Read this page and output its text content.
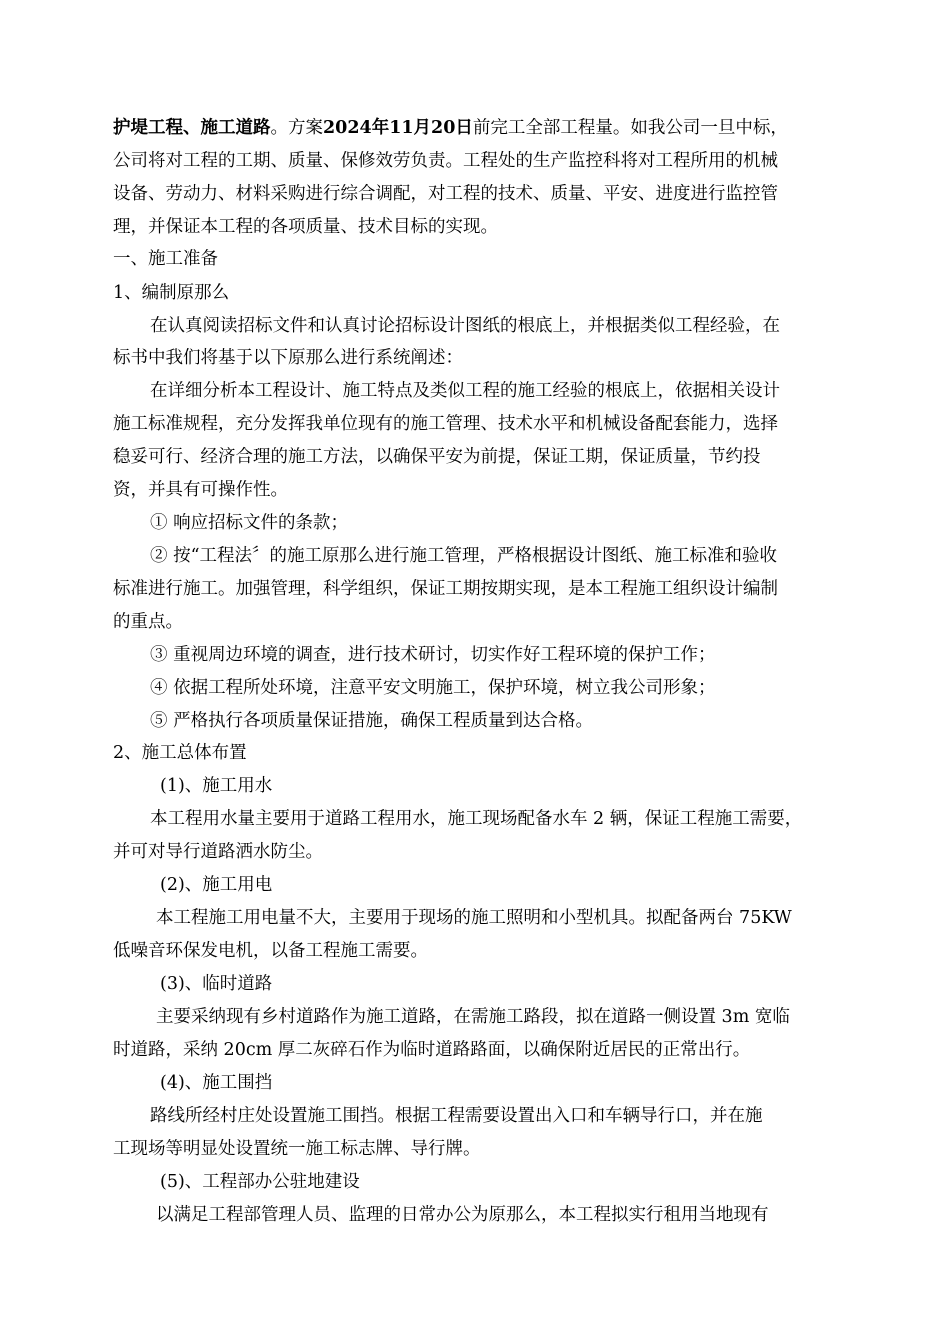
护堤工程、施工道路。方案2024年11月20日前完工全部工程量。如我公司一旦中标，
公司将对工程的工期、质量、保修效劳负责。工程处的生产监控科将对工程所用的机械
设备、劳动力、材料采购进行综合调配，对工程的技术、质量、平安、进度进行监控管
理，并保证本工程的各项质量、技术目标的实现。
一、施工准备
1、编制原那么
在认真阅读招标文件和认真讨论招标设计图纸的根底上，并根据类似工程经验，在
标书中我们将基于以下原那么进行系统阐述：
在详细分析本工程设计、施工特点及类似工程的施工经验的根底上，依据相关设计
施工标准规程，充分发挥我单位现有的施工管理、技术水平和机械设备配套能力，选择
稳妥可行、经济合理的施工方法，以确保平安为前提，保证工期，保证质量，节约投
资，并具有可操作性。
① 响应招标文件的条款；
② 按“工程法〞的施工原那么进行施工管理，严格根据设计图纸、施工标准和验收
标准进行施工。加强管理，科学组织，保证工期按期实现，是本工程施工组织设计编制
的重点。
③ 重视周边环境的调查，进行技术研讨，切实作好工程环境的保护工作；
④ 依据工程所处环境，注意平安文明施工，保护环境，树立我公司形象；
⑤ 严格执行各项质量保证措施，确保工程质量到达合格。
2、施工总体布置
(1)、施工用水
本工程用水量主要用于道路工程用水，施工现场配备水车 2 辆，保证工程施工需要，
并可对导行道路洒水防尘。
(2)、施工用电
本工程施工用电量不大，主要用于现场的施工照明和小型机具。拟配备两台 75KW
低噪音环保发电机，以备工程施工需要。
(3)、临时道路
主要采纳现有乡村道路作为施工道路，在需施工路段，拟在道路一侧设置 3m 宽临
时道路，采纳 20cm 厚二灰碎石作为临时道路路面，以确保附近居民的正常出行。
(4)、施工围挡
路线所经村庄处设置施工围挡。根据工程需要设置出入口和车辆导行口，并在施
工现场等明显处设置统一施工标志牌、导行牌。
(5)、工程部办公驻地建设
以满足工程部管理人员、监理的日常办公为原那么，本工程拟实行租用当地现有
